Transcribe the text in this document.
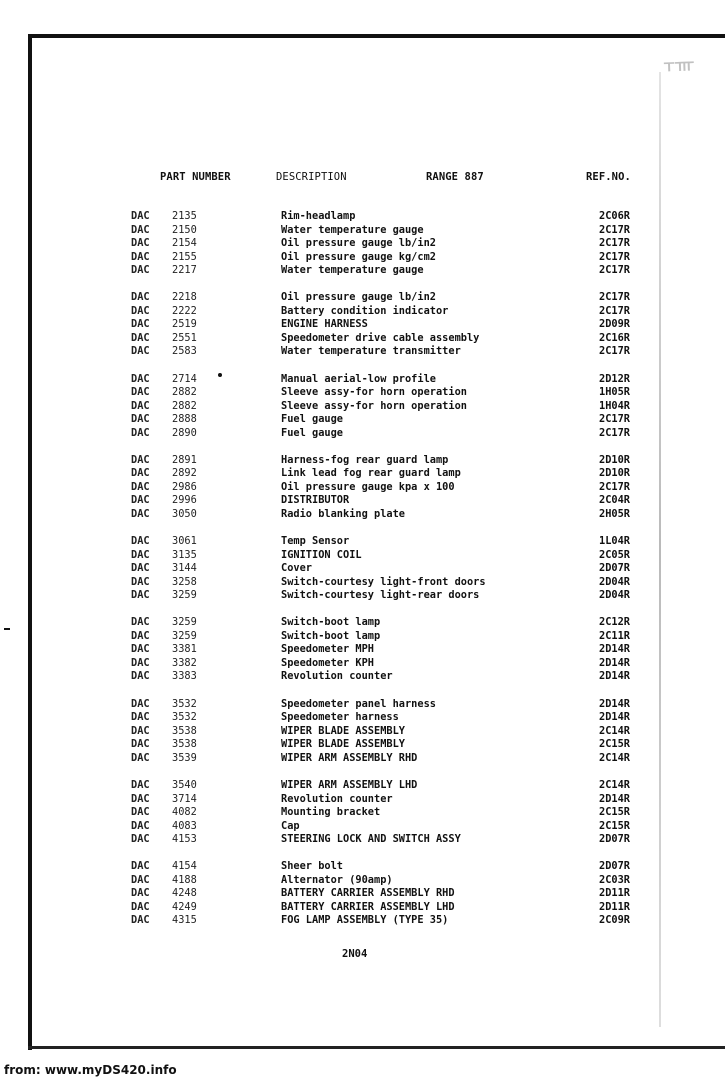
ᚁᚃ
PART NUMBER	DESCRIPTION	RANGE 887	REF.NO.
DAC 2135	Rim-headlamp	2C06R
DAC 2150	Water temperature gauge	2C17R
DAC 2154	Oil pressure gauge lb/in2	2C17R
DAC 2155	Oil pressure gauge kg/cm2	2C17R
DAC 2217	Water temperature gauge	2C17R
DAC 2218	Oil pressure gauge lb/in2	2C17R
DAC 2222	Battery condition indicator	2C17R
DAC 2519	ENGINE HARNESS	2D09R
DAC 2551	Speedometer drive cable assembly	2C16R
DAC 2583	Water temperature transmitter	2C17R
DAC 2714	Manual aerial-low profile	2D12R
DAC 2882	Sleeve assy-for horn operation	1H05R
DAC 2882	Sleeve assy-for horn operation	1H04R
DAC 2888	Fuel gauge	2C17R
DAC 2890	Fuel gauge	2C17R
DAC 2891	Harness-fog rear guard lamp	2D10R
DAC 2892	Link lead fog rear guard lamp	2D10R
DAC 2986	Oil pressure gauge kpa x 100	2C17R
DAC 2996	DISTRIBUTOR	2C04R
DAC 3050	Radio blanking plate	2H05R
DAC 3061	Temp Sensor	1L04R
DAC 3135	IGNITION COIL	2C05R
DAC 3144	Cover	2D07R
DAC 3258	Switch-courtesy light-front doors	2D04R
DAC 3259	Switch-courtesy light-rear doors	2D04R
DAC 3259	Switch-boot lamp	2C12R
DAC 3259	Switch-boot lamp	2C11R
DAC 3381	Speedometer MPH	2D14R
DAC 3382	Speedometer KPH	2D14R
DAC 3383	Revolution counter	2D14R
DAC 3532	Speedometer panel harness	2D14R
DAC 3532	Speedometer harness	2D14R
DAC 3538	WIPER BLADE ASSEMBLY	2C14R
DAC 3538	WIPER BLADE ASSEMBLY	2C15R
DAC 3539	WIPER ARM ASSEMBLY RHD	2C14R
DAC 3540	WIPER ARM ASSEMBLY LHD	2C14R
DAC 3714	Revolution counter	2D14R
DAC 4082	Mounting bracket	2C15R
DAC 4083	Cap	2C15R
DAC 4153	STEERING LOCK AND SWITCH ASSY	2D07R
DAC 4154	Sheer bolt	2D07R
DAC 4188	Alternator (90amp)	2C03R
DAC 4248	BATTERY CARRIER ASSEMBLY RHD	2D11R
DAC 4249	BATTERY CARRIER ASSEMBLY LHD	2D11R
DAC 4315	FOG LAMP ASSEMBLY (TYPE 35)	2C09R
2N04
from: www.myDS420.info
